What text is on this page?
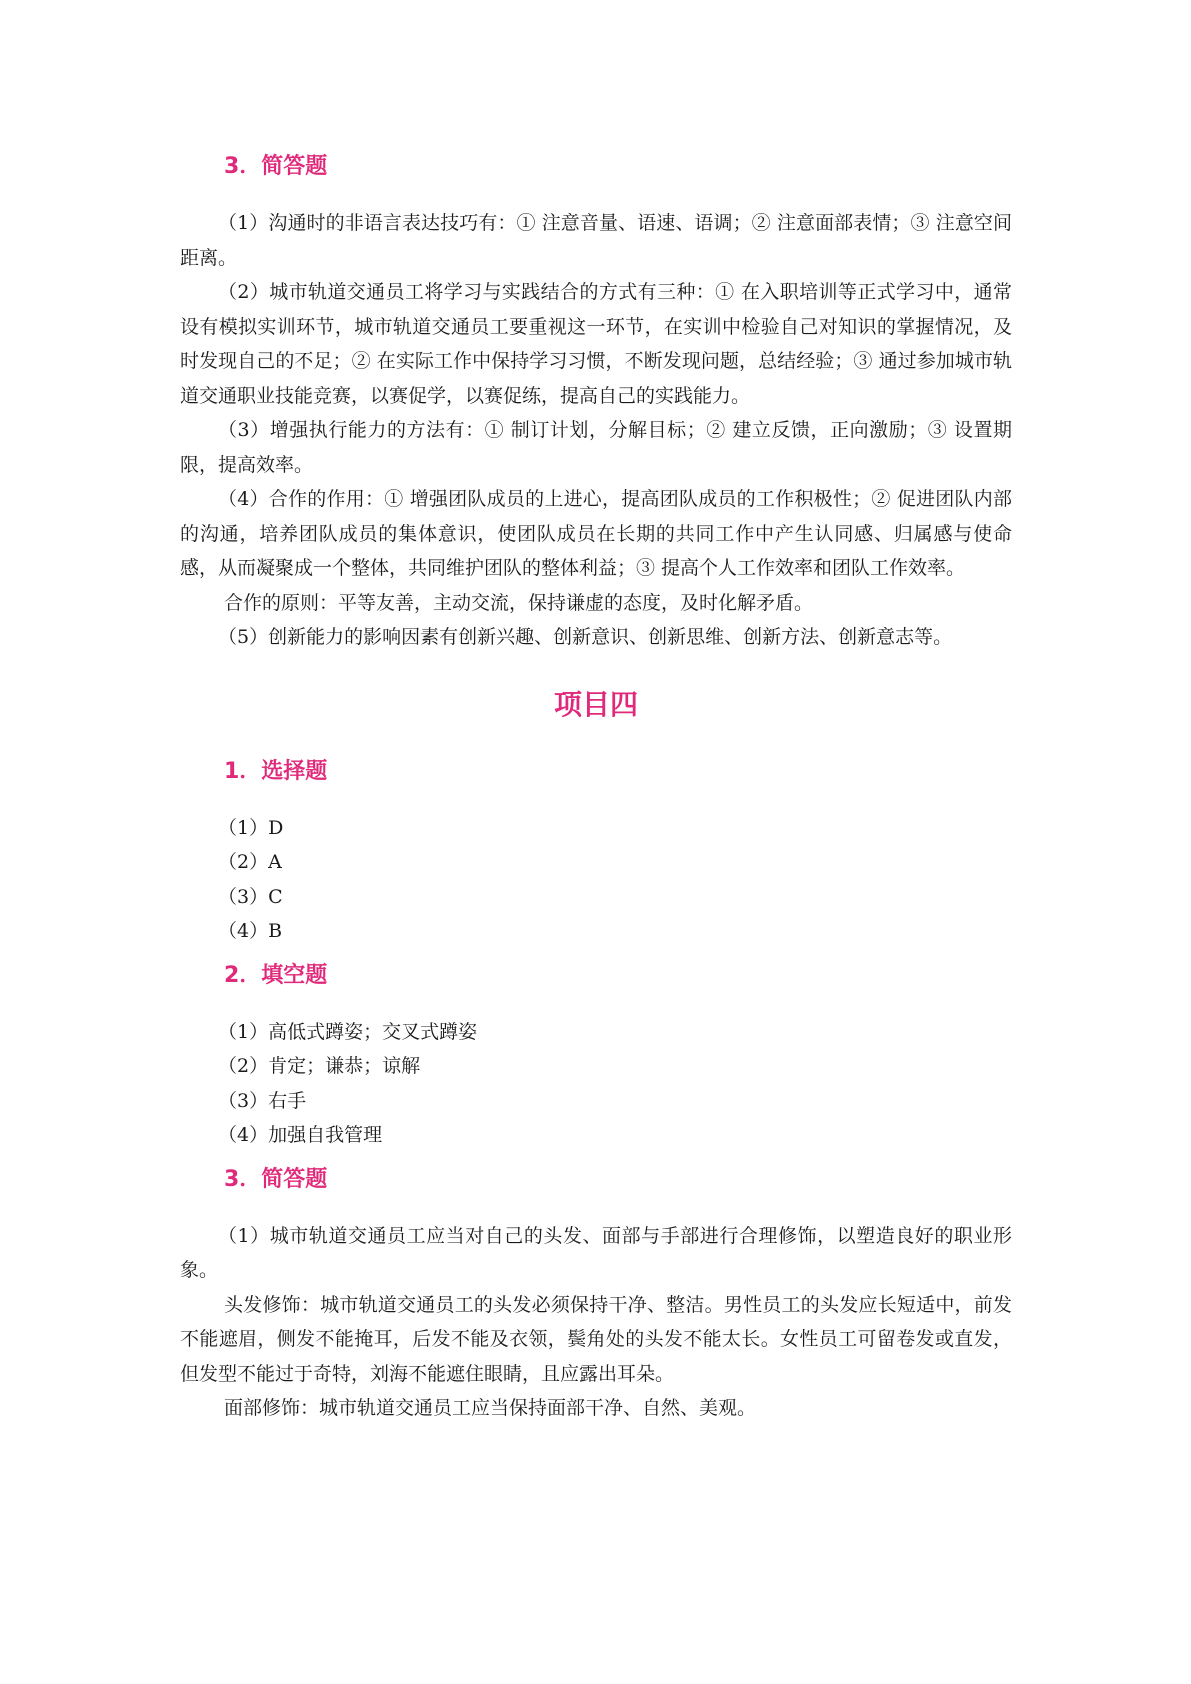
3．简答题

（1）沟通时的非语言表达技巧有：① 注意音量、语速、语调；② 注意面部表情；③ 注意空间距离。

（2）城市轨道交通员工将学习与实践结合的方式有三种：① 在入职培训等正式学习中，通常设有模拟实训环节，城市轨道交通员工要重视这一环节，在实训中检验自己对知识的掌握情况，及时发现自己的不足；② 在实际工作中保持学习习惯，不断发现问题，总结经验；③ 通过参加城市轨道交通职业技能竞赛，以赛促学，以赛促练，提高自己的实践能力。

（3）增强执行能力的方法有：① 制订计划，分解目标；② 建立反馈，正向激励；③ 设置期限，提高效率。

（4）合作的作用：① 增强团队成员的上进心，提高团队成员的工作积极性；② 促进团队内部的沟通，培养团队成员的集体意识，使团队成员在长期的共同工作中产生认同感、归属感与使命感，从而凝聚成一个整体，共同维护团队的整体利益；③ 提高个人工作效率和团队工作效率。

合作的原则：平等友善，主动交流，保持谦虚的态度，及时化解矛盾。

（5）创新能力的影响因素有创新兴趣、创新意识、创新思维、创新方法、创新意志等。

项目四
1．选择题

（1）D

（2）A

（3）C

（4）B

2．填空题

（1）高低式蹲姿；交叉式蹲姿

（2）肯定；谦恭；谅解

（3）右手

（4）加强自我管理

3．简答题

（1）城市轨道交通员工应当对自己的头发、面部与手部进行合理修饰，以塑造良好的职业形象。

头发修饰：城市轨道交通员工的头发必须保持干净、整洁。男性员工的头发应长短适中，前发不能遮眉，侧发不能掩耳，后发不能及衣领，鬓角处的头发不能太长。女性员工可留卷发或直发，但发型不能过于奇特，刘海不能遮住眼睛，且应露出耳朵。

面部修饰：城市轨道交通员工应当保持面部干净、自然、美观。
